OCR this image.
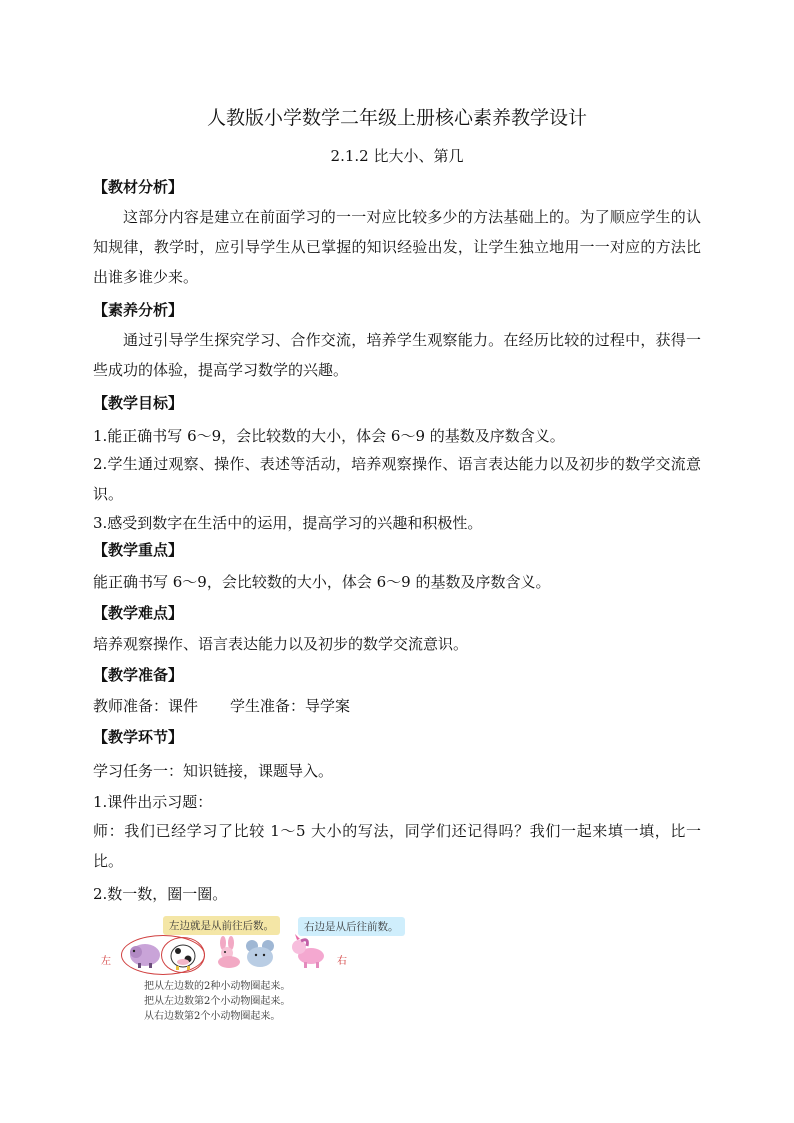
人教版小学数学二年级上册核心素养教学设计
2.1.2 比大小、第几
【教材分析】
这部分内容是建立在前面学习的一一对应比较多少的方法基础上的。为了顺应学生的认知规律，教学时，应引导学生从已掌握的知识经验出发，让学生独立地用一一对应的方法比出谁多谁少来。
【素养分析】
通过引导学生探究学习、合作交流，培养学生观察能力。在经历比较的过程中，获得一些成功的体验，提高学习数学的兴趣。
【教学目标】
1.能正确书写 6～9，会比较数的大小，体会 6～9 的基数及序数含义。
2.学生通过观察、操作、表述等活动，培养观察操作、语言表达能力以及初步的数学交流意识。
3.感受到数字在生活中的运用，提高学习的兴趣和积极性。
【教学重点】
能正确书写 6～9，会比较数的大小，体会 6～9 的基数及序数含义。
【教学难点】
培养观察操作、语言表达能力以及初步的数学交流意识。
【教学准备】
教师准备：课件 学生准备：导学案
【教学环节】
学习任务一：知识链接，课题导入。
1.课件出示习题：
师：我们已经学习了比较 1～5 大小的写法，同学们还记得吗？我们一起来填一填，比一比。
2.数一数，圈一圈。
左边就是从前往后数。	右边是从后往前数。
左	右
把从左边数的2种小动物圈起来。
把从左边数第2个小动物圈起来。
从右边数第2个小动物圈起来。
